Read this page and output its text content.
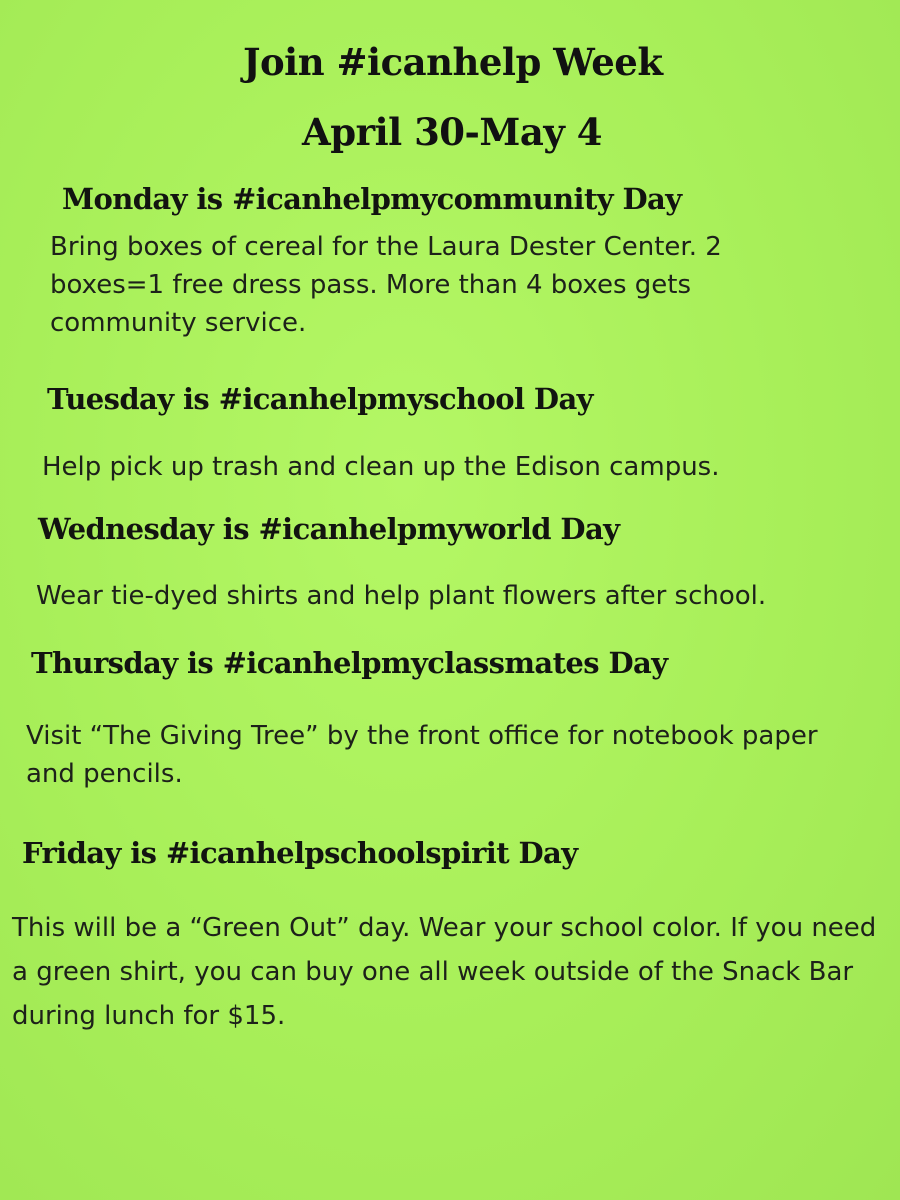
Join #icanhelp Week
April 30-May 4
Monday is #icanhelpmycommunity Day

Bring boxes of cereal for the Laura Dester Center. 2 boxes=1 free dress pass. More than 4 boxes gets community service.

Tuesday is #icanhelpmyschool Day

Help pick up trash and clean up the Edison campus.

Wednesday is #icanhelpmyworld Day

Wear tie-dyed shirts and help plant flowers after school.

Thursday is #icanhelpmyclassmates Day

Visit “The Giving Tree” by the front office for notebook paper and pencils.

Friday is #icanhelpschoolspirit Day

This will be a “Green Out” day. Wear your school color. If you need a green shirt, you can buy one all week outside of the Snack Bar during lunch for $15.
